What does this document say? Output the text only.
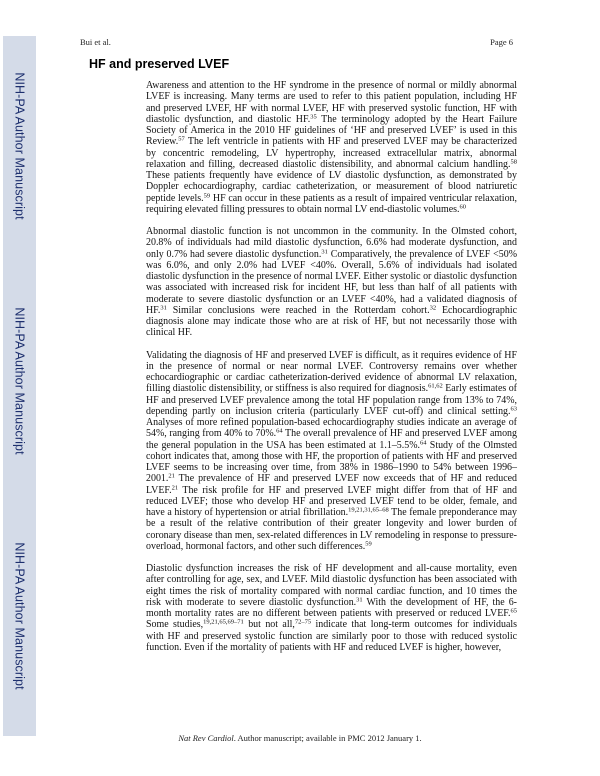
NIH-PA Author Manuscript
NIH-PA Author Manuscript
NIH-PA Author Manuscript
Bui et al.	Page 6
HF and preserved LVEF

Awareness and attention to the HF syndrome in the presence of normal or mildly abnormal LVEF is increasing. Many terms are used to refer to this patient population, including HF and preserved LVEF, HF with normal LVEF, HF with preserved systolic function, HF with diastolic dysfunction, and diastolic HF.$^{35}$ The terminology adopted by the Heart Failure Society of America in the 2010 HF guidelines of ‘HF and preserved LVEF’ is used in this Review.$^{57}$ The left ventricle in patients with HF and preserved LVEF may be characterized by concentric remodeling, LV hypertrophy, increased extracellular matrix, abnormal relaxation and filling, decreased diastolic distensibility, and abnormal calcium handling.$^{58}$ These patients frequently have evidence of LV diastolic dysfunction, as demonstrated by Doppler echocardiography, cardiac catheterization, or measurement of blood natriuretic peptide levels.$^{59}$ HF can occur in these patients as a result of impaired ventricular relaxation, requiring elevated filling pressures to obtain normal LV end-diastolic volumes.$^{60}$

Abnormal diastolic function is not uncommon in the community. In the Olmsted cohort, 20.8% of individuals had mild diastolic dysfunction, 6.6% had moderate dysfunction, and only 0.7% had severe diastolic dysfunction.$^{31}$ Comparatively, the prevalence of LVEF <50% was 6.0%, and only 2.0% had LVEF <40%. Overall, 5.6% of individuals had isolated diastolic dysfunction in the presence of normal LVEF. Either systolic or diastolic dysfunction was associated with increased risk for incident HF, but less than half of all patients with moderate to severe diastolic dysfunction or an LVEF <40%, had a validated diagnosis of HF.$^{31}$ Similar conclusions were reached in the Rotterdam cohort.$^{32}$ Echocardiographic diagnosis alone may indicate those who are at risk of HF, but not necessarily those with clinical HF.

Validating the diagnosis of HF and preserved LVEF is difficult, as it requires evidence of HF in the presence of normal or near normal LVEF. Controversy remains over whether echocardiographic or cardiac catheterization-derived evidence of abnormal LV relaxation, filling diastolic distensibility, or stiffness is also required for diagnosis.$^{61,62}$ Early estimates of HF and preserved LVEF prevalence among the total HF population range from 13% to 74%, depending partly on inclusion criteria (particularly LVEF cut-off) and clinical setting.$^{63}$ Analyses of more refined population-based echocardiography studies indicate an average of 54%, ranging from 40% to 70%.$^{64}$ The overall prevalence of HF and preserved LVEF among the general population in the USA has been estimated at 1.1–5.5%.$^{64}$ Study of the Olmsted cohort indicates that, among those with HF, the proportion of patients with HF and preserved LVEF seems to be increasing over time, from 38% in 1986–1990 to 54% between 1996–2001.21 The prevalence of HF and preserved LVEF now exceeds that of HF and reduced LVEF.$^{21}$ The risk profile for HF and preserved LVEF might differ from that of HF and reduced LVEF; those who develop HF and preserved LVEF tend to be older, female, and have a history of hypertension or atrial fibrillation.$^{19,21,31,65-68}$ The female preponderance may be a result of the relative contribution of their greater longevity and lower burden of coronary disease than men, sex-related differences in LV remodeling in response to pressure-overload, hormonal factors, and other such differences.$^{59}$

Diastolic dysfunction increases the risk of HF development and all-cause mortality, even after controlling for age, sex, and LVEF. Mild diastolic dysfunction has been associated with eight times the risk of mortality compared with normal cardiac function, and 10 times the risk with moderate to severe diastolic dysfunction.$^{31}$ With the development of HF, the 6-month mortality rates are no different between patients with preserved or reduced LVEF.$^{65}$ Some studies,$^{19,21,65,69-71}$ but not all,$^{72-75}$ indicate that long-term outcomes for individuals with HF and preserved systolic function are similarly poor to those with reduced systolic function. Even if the mortality of patients with HF and reduced LVEF is higher, however,

Nat Rev Cardiol. Author manuscript; available in PMC 2012 January 1.
